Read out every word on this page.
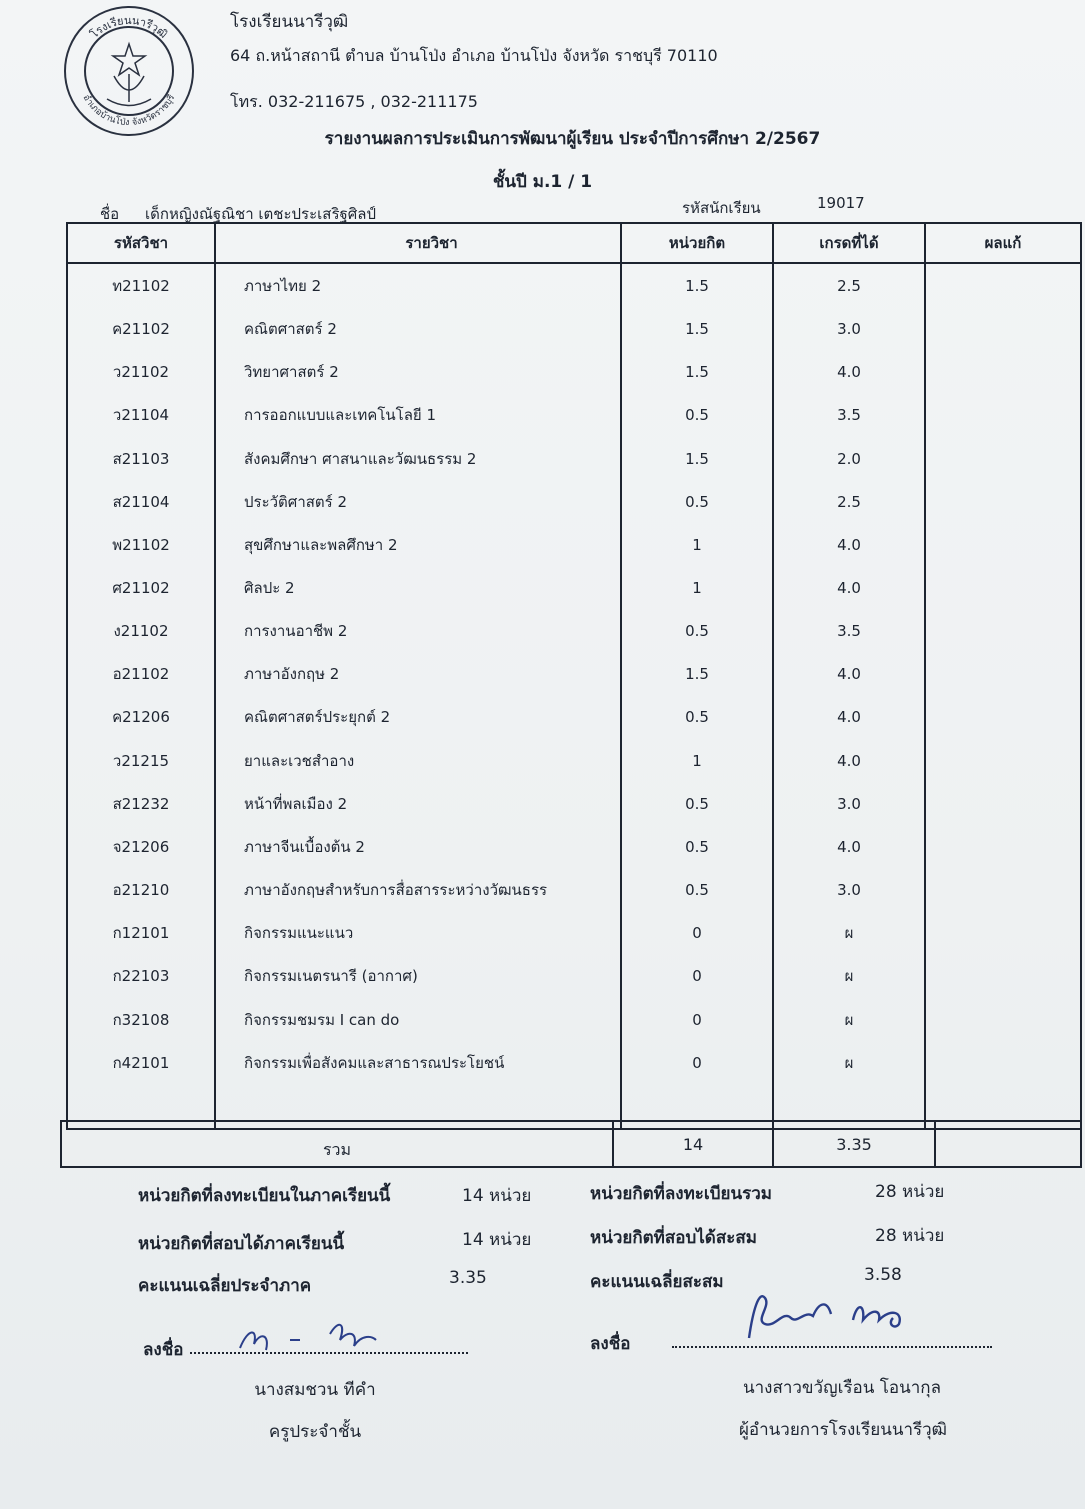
โรงเรียนนารีวุฒิ
อำเภอบ้านโป่ง จังหวัดราชบุรี
โรงเรียนนารีวุฒิ
64 ถ.หน้าสถานี ตำบล บ้านโป่ง อำเภอ บ้านโป่ง จังหวัด ราชบุรี 70110
โทร. 032-211675 , 032-211175
รายงานผลการประเมินการพัฒนาผู้เรียน ประจำปีการศึกษา 2/2567
ชั้นปี ม.1 / 1
ชื่อ เด็กหญิงณัฐณิชา เตชะประเสริฐศิลป์	รหัสนักเรียน	19017
รหัสวิชา	รายวิชา	หน่วยกิต	เกรดที่ได้	ผลแก้
ท21102	ภาษาไทย 2	1.5	2.5	
ค21102	คณิตศาสตร์ 2	1.5	3.0	
ว21102	วิทยาศาสตร์ 2	1.5	4.0	
ว21104	การออกแบบและเทคโนโลยี 1	0.5	3.5	
ส21103	สังคมศึกษา ศาสนาและวัฒนธรรม 2	1.5	2.0	
ส21104	ประวัติศาสตร์ 2	0.5	2.5	
พ21102	สุขศึกษาและพลศึกษา 2	1	4.0	
ศ21102	ศิลปะ 2	1	4.0	
ง21102	การงานอาชีพ 2	0.5	3.5	
อ21102	ภาษาอังกฤษ 2	1.5	4.0	
ค21206	คณิตศาสตร์ประยุกต์ 2	0.5	4.0	
ว21215	ยาและเวชสำอาง	1	4.0	
ส21232	หน้าที่พลเมือง 2	0.5	3.0	
จ21206	ภาษาจีนเบื้องต้น 2	0.5	4.0	
อ21210	ภาษาอังกฤษสำหรับการสื่อสารระหว่างวัฒนธรร	0.5	3.0	
ก12101	กิจกรรมแนะแนว	0	ผ	
ก22103	กิจกรรมเนตรนารี (อากาศ)	0	ผ	
ก32108	กิจกรรมชมรม I can do	0	ผ	
ก42101	กิจกรรมเพื่อสังคมและสาธารณประโยชน์	0	ผ	

รวม	14	3.35	
หน่วยกิตที่ลงทะเบียนในภาคเรียนนี้	14 หน่วย	หน่วยกิตที่ลงทะเบียนรวม	28 หน่วย
หน่วยกิตที่สอบได้ภาคเรียนนี้	14 หน่วย	หน่วยกิตที่สอบได้สะสม	28 หน่วย
คะแนนเฉลี่ยประจำภาค	3.35	คะแนนเฉลี่ยสะสม	3.58
ลงชื่อ
นางสมชวน ทีคำ
ครูประจำชั้น
ลงชื่อ
นางสาวขวัญเรือน โอนากุล
ผู้อำนวยการโรงเรียนนารีวุฒิ
